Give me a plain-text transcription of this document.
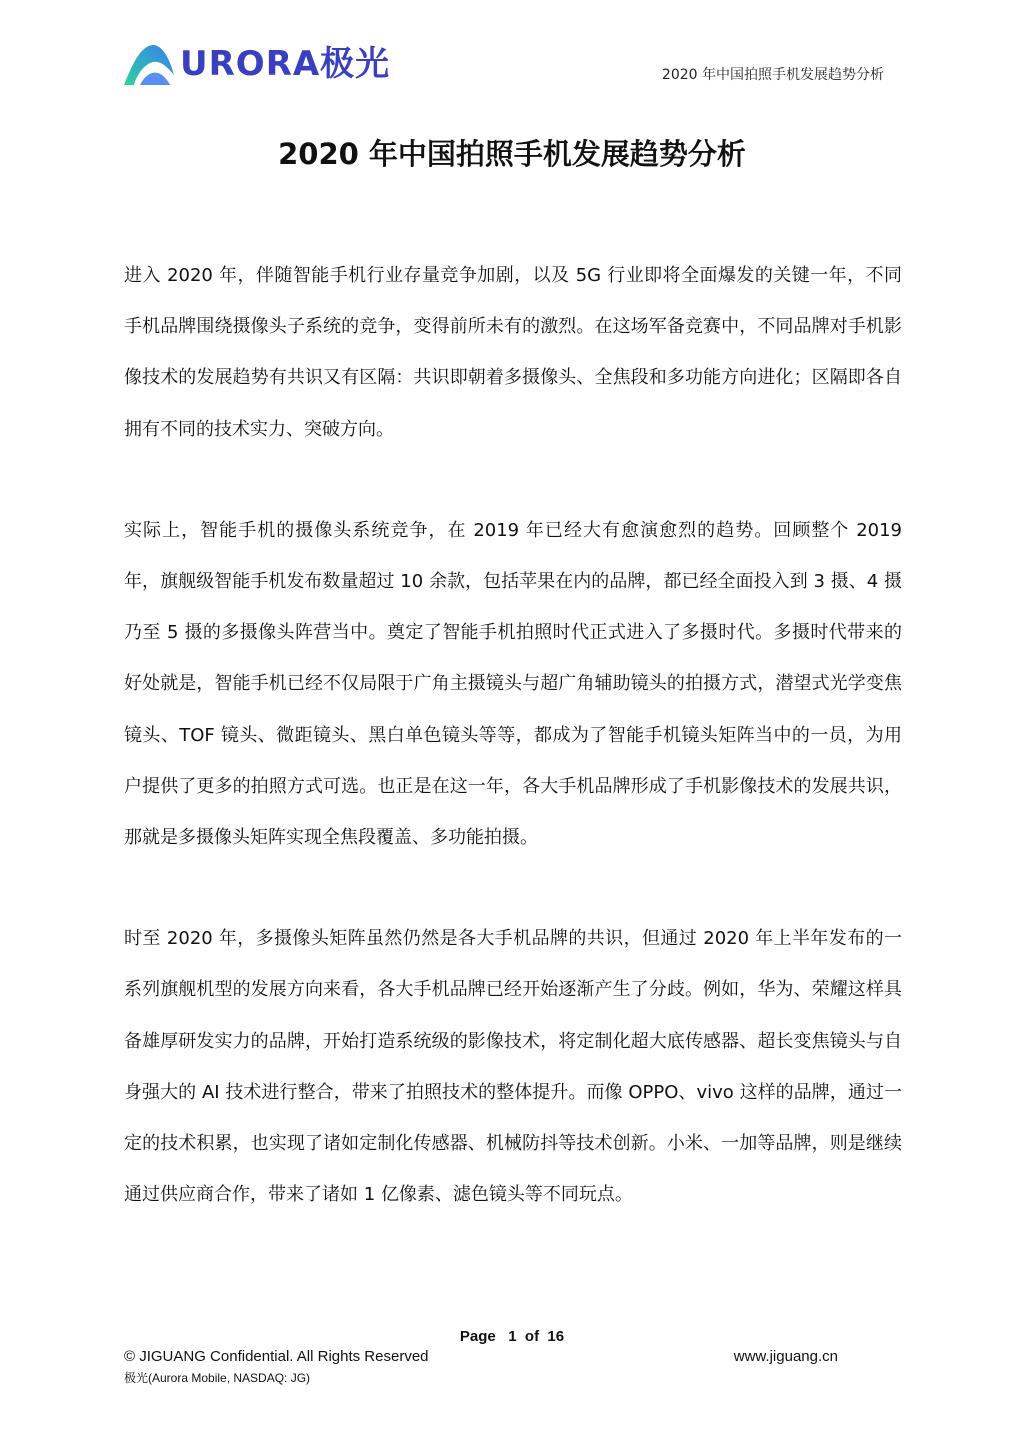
URORA极光	2020 年中国拍照手机发展趋势分析
2020 年中国拍照手机发展趋势分析

进入 2020 年，伴随智能手机行业存量竞争加剧，以及 5G 行业即将全面爆发的关键一年，不同手机品牌围绕摄像头子系统的竞争，变得前所未有的激烈。在这场军备竞赛中，不同品牌对手机影像技术的发展趋势有共识又有区隔：共识即朝着多摄像头、全焦段和多功能方向进化；区隔即各自拥有不同的技术实力、突破方向。

实际上，智能手机的摄像头系统竞争，在 2019 年已经大有愈演愈烈的趋势。回顾整个 2019 年，旗舰级智能手机发布数量超过 10 余款，包括苹果在内的品牌，都已经全面投入到 3 摄、4 摄乃至 5 摄的多摄像头阵营当中。奠定了智能手机拍照时代正式进入了多摄时代。多摄时代带来的好处就是，智能手机已经不仅局限于广角主摄镜头与超广角辅助镜头的拍摄方式，潜望式光学变焦镜头、TOF 镜头、微距镜头、黑白单色镜头等等，都成为了智能手机镜头矩阵当中的一员，为用户提供了更多的拍照方式可选。也正是在这一年，各大手机品牌形成了手机影像技术的发展共识，那就是多摄像头矩阵实现全焦段覆盖、多功能拍摄。

时至 2020 年，多摄像头矩阵虽然仍然是各大手机品牌的共识，但通过 2020 年上半年发布的一系列旗舰机型的发展方向来看，各大手机品牌已经开始逐渐产生了分歧。例如，华为、荣耀这样具备雄厚研发实力的品牌，开始打造系统级的影像技术，将定制化超大底传感器、超长变焦镜头与自身强大的 AI 技术进行整合，带来了拍照技术的整体提升。而像 OPPO、vivo 这样的品牌，通过一定的技术积累，也实现了诸如定制化传感器、机械防抖等技术创新。小米、一加等品牌，则是继续通过供应商合作，带来了诸如 1 亿像素、滤色镜头等不同玩点。

Page   1  of  16
© JIGUANG Confidential. All Rights Reserved	www.jiguang.cn
极光(Aurora Mobile, NASDAQ: JG)
